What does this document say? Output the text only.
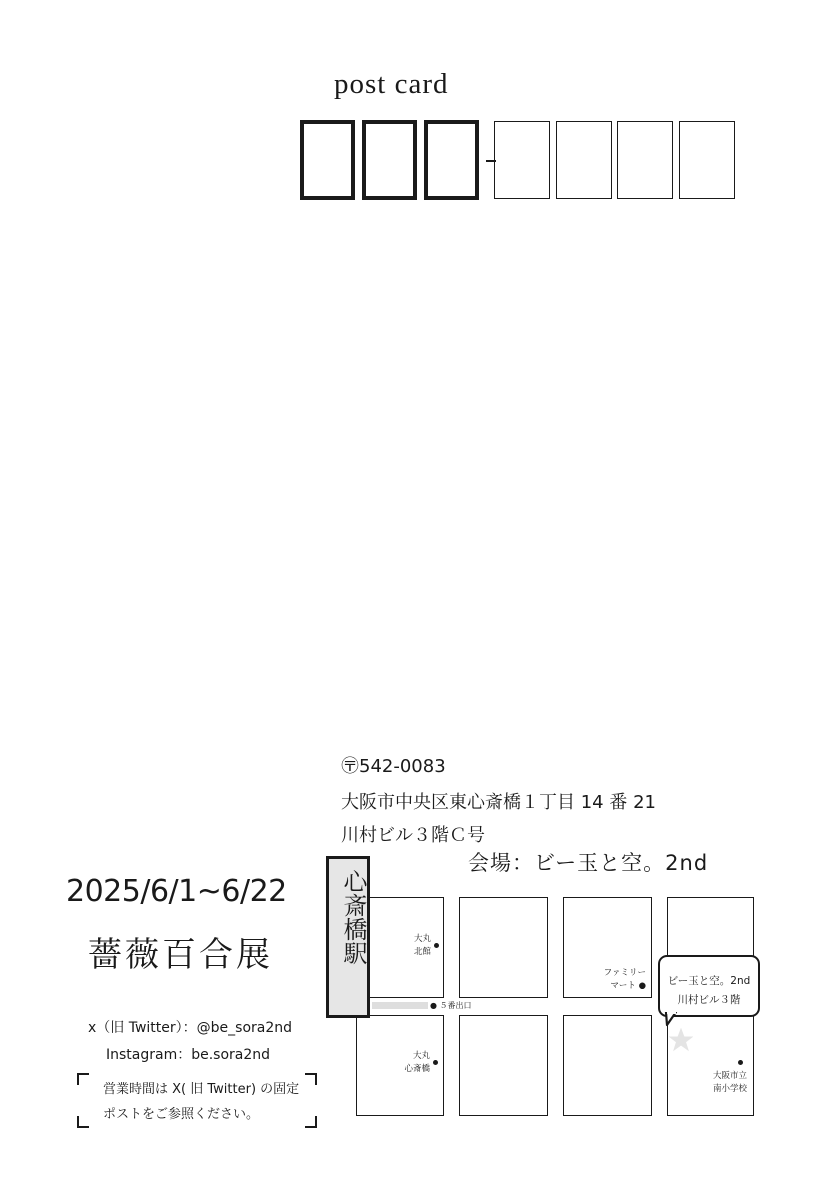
post card
〶542-0083
大阪市中央区東心斎橋１丁目 14 番 21
川村ビル３階Ｃ号
会場：ビー玉と空。2nd
2025/6/1~6/22
薔薇百合展
x（旧 Twitter）：@be_sora2nd
Instagram：be.sora2nd
営業時間は X( 旧 Twitter) の固定
ポストをご参照ください。
大丸
北館
ファミリー
マート ●
● ５番出口
大丸
心斎橋
大阪市立
南小学校
心斎橋駅
ビー玉と空。2nd
川村ビル３階
